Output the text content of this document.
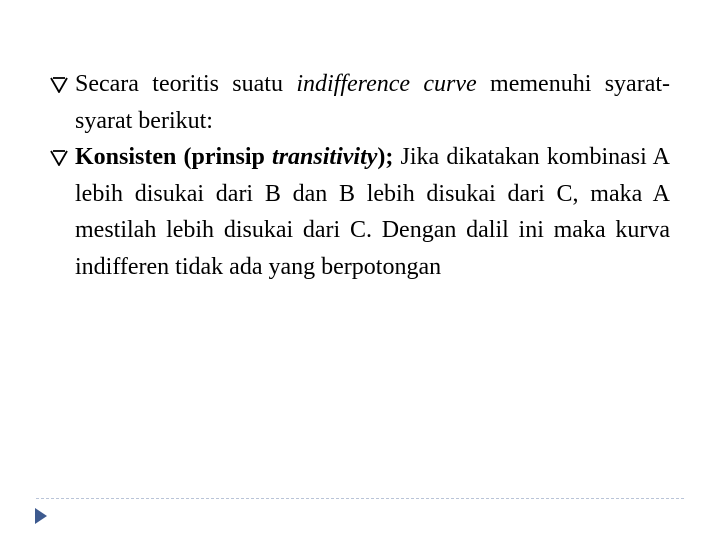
Secara teoritis suatu indifference curve memenuhi syarat-syarat berikut:
Konsisten (prinsip transitivity); Jika dikatakan kombinasi A lebih disukai dari B dan B lebih disukai dari C, maka A mestilah lebih disukai dari C. Dengan dalil ini maka kurva indifferen tidak ada yang berpotongan
